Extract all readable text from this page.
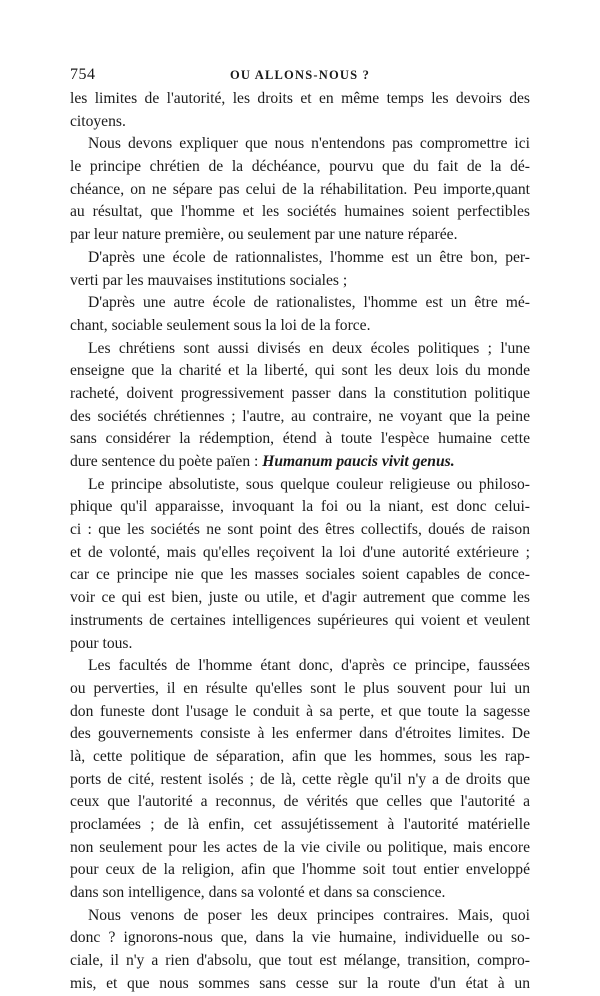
754	OU ALLONS-NOUS ?
les limites de l'autorité, les droits et en même temps les devoirs des
citoyens.
Nous devons expliquer que nous n'entendons pas compromettre ici
le principe chrétien de la déchéance, pourvu que du fait de la dé-
chéance, on ne sépare pas celui de la réhabilitation. Peu importe,quant
au résultat, que l'homme et les sociétés humaines soient perfectibles
par leur nature première, ou seulement par une nature réparée.
D'après une école de rationnalistes, l'homme est un être bon, per-
verti par les mauvaises institutions sociales ;
D'après une autre école de rationalistes, l'homme est un être mé-
chant, sociable seulement sous la loi de la force.
Les chrétiens sont aussi divisés en deux écoles politiques ; l'une
enseigne que la charité et la liberté, qui sont les deux lois du monde
racheté, doivent progressivement passer dans la constitution politique
des sociétés chrétiennes ; l'autre, au contraire, ne voyant que la peine
sans considérer la rédemption, étend à toute l'espèce humaine cette
dure sentence du poète païen : Humanum paucis vivit genus.
Le principe absolutiste, sous quelque couleur religieuse ou philoso-
phique qu'il apparaisse, invoquant la foi ou la niant, est donc celui-
ci : que les sociétés ne sont point des êtres collectifs, doués de raison
et de volonté, mais qu'elles reçoivent la loi d'une autorité extérieure ;
car ce principe nie que les masses sociales soient capables de conce-
voir ce qui est bien, juste ou utile, et d'agir autrement que comme les
instruments de certaines intelligences supérieures qui voient et veulent
pour tous.
Les facultés de l'homme étant donc, d'après ce principe, faussées
ou perverties, il en résulte qu'elles sont le plus souvent pour lui un
don funeste dont l'usage le conduit à sa perte, et que toute la sagesse
des gouvernements consiste à les enfermer dans d'étroites limites. De
là, cette politique de séparation, afin que les hommes, sous les rap-
ports de cité, restent isolés ; de là, cette règle qu'il n'y a de droits que
ceux que l'autorité a reconnus, de vérités que celles que l'autorité a
proclamées ; de là enfin, cet assujétissement à l'autorité matérielle
non seulement pour les actes de la vie civile ou politique, mais encore
pour ceux de la religion, afin que l'homme soit tout entier enveloppé
dans son intelligence, dans sa volonté et dans sa conscience.
Nous venons de poser les deux principes contraires. Mais, quoi
donc ? ignorons-nous que, dans la vie humaine, individuelle ou so-
ciale, il n'y a rien d'absolu, que tout est mélange, transition, compro-
mis, et que nous sommes sans cesse sur la route d'un état à un
